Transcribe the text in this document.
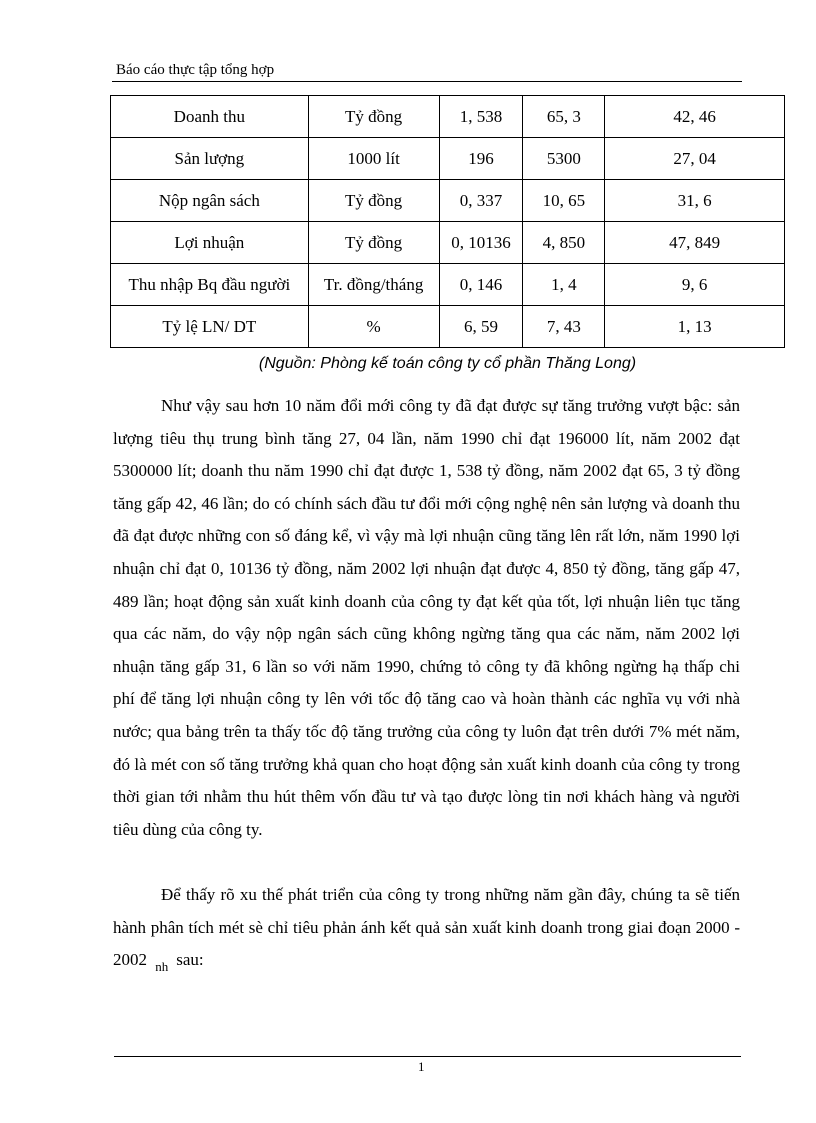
Báo cáo thực tập tổng hợp
Doanh thu	Tỷ đồng	1, 538	65, 3	42, 46
Sản lượng	1000 lít	196	5300	27, 04
Nộp ngân sách	Tỷ đồng	0, 337	10, 65	31, 6
Lợi nhuận	Tỷ đồng	0, 10136	4, 850	47, 849
Thu nhập Bq đầu người	Tr. đồng/tháng	0, 146	1, 4	9, 6
Tỷ lệ LN/ DT	%	6, 59	7, 43	1, 13
(Nguồn: Phòng kế toán công ty cổ phần Thăng Long)

Như vậy sau hơn 10 năm đổi mới công ty đã đạt được sự tăng trưởng vượt bậc: sản lượng tiêu thụ trung bình tăng 27, 04 lần, năm 1990 chỉ đạt 196000 lít, năm 2002 đạt 5300000 lít; doanh thu năm 1990 chỉ đạt được 1, 538 tỷ đồng, năm 2002 đạt 65, 3 tỷ đồng tăng gấp 42, 46 lần; do có chính sách đầu tư đổi mới cộng nghệ nên sản lượng và doanh thu đã đạt được những con số đáng kể, vì vậy mà lợi nhuận cũng tăng lên rất lớn, năm 1990 lợi nhuận chỉ đạt 0, 10136 tỷ đồng, năm 2002 lợi nhuận đạt được 4, 850 tỷ đồng, tăng gấp 47, 489 lần; hoạt động sản xuất kinh doanh của công ty đạt kết qủa tốt, lợi nhuận liên tục tăng qua các năm, do vậy nộp ngân sách cũng không ngừng tăng qua các năm, năm 2002 lợi nhuận tăng gấp 31, 6 lần so với năm 1990, chứng tỏ công ty đã không ngừng hạ thấp chi phí để tăng lợi nhuận công ty lên với tốc độ tăng cao và hoàn thành các nghĩa vụ với nhà nước; qua bảng trên ta thấy tốc độ tăng trưởng của công ty luôn đạt trên dưới 7% mét năm, đó là mét con số tăng trưởng khả quan cho hoạt động sản xuất kinh doanh của công ty trong thời gian tới nhằm thu hút thêm vốn đầu tư và tạo được lòng tin nơi khách hàng và người tiêu dùng của công ty.

Để thấy rõ xu thế phát triển của công ty trong những năm gần đây, chúng ta sẽ tiến hành phân tích mét sè chỉ tiêu phản ánh kết quả sản xuất kinh doanh trong giai đoạn 2000 - 2002 $_{nh}$ sau:

1
